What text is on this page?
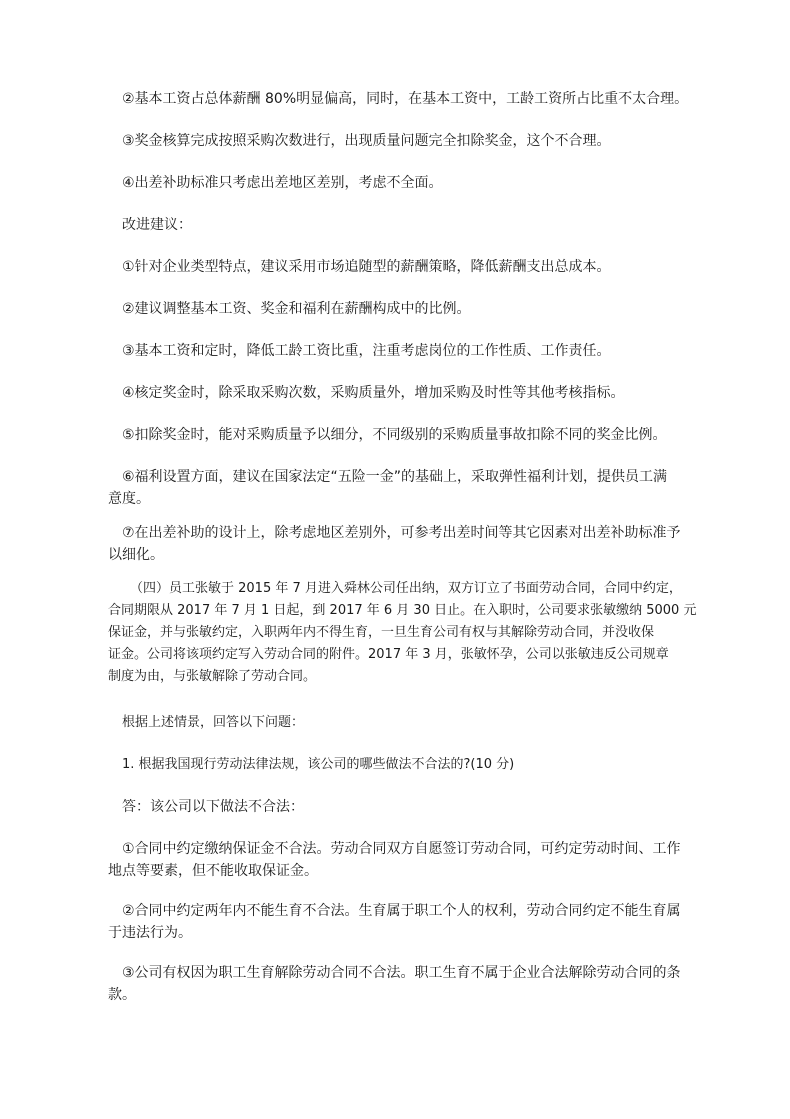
②基本工资占总体薪酬 80%明显偏高，同时，在基本工资中，工龄工资所占比重不太合理。
③奖金核算完成按照采购次数进行，出现质量问题完全扣除奖金，这个不合理。
④出差补助标准只考虑出差地区差别，考虑不全面。
改进建议：
①针对企业类型特点，建议采用市场追随型的薪酬策略，降低薪酬支出总成本。
②建议调整基本工资、奖金和福利在薪酬构成中的比例。
③基本工资和定时，降低工龄工资比重，注重考虑岗位的工作性质、工作责任。
④核定奖金时，除采取采购次数，采购质量外，增加采购及时性等其他考核指标。
⑤扣除奖金时，能对采购质量予以细分，不同级别的采购质量事故扣除不同的奖金比例。
⑥福利设置方面，建议在国家法定“五险一金”的基础上，采取弹性福利计划，提供员工满
意度。
⑦在出差补助的设计上，除考虑地区差别外，可参考出差时间等其它因素对出差补助标准予
以细化。
（四）员工张敏于 2015 年 7 月进入舜林公司任出纳，双方订立了书面劳动合同，合同中约定，
合同期限从 2017 年 7 月 1 日起，到 2017 年 6 月 30 日止。在入职时，公司要求张敏缴纳 5000 元
保证金，并与张敏约定，入职两年内不得生育，一旦生育公司有权与其解除劳动合同，并没收保
证金。公司将该项约定写入劳动合同的附件。2017 年 3 月，张敏怀孕，公司以张敏违反公司规章
制度为由，与张敏解除了劳动合同。
根据上述情景，回答以下问题：
1. 根据我国现行劳动法律法规，该公司的哪些做法不合法的?(10 分)
答：该公司以下做法不合法：
①合同中约定缴纳保证金不合法。劳动合同双方自愿签订劳动合同，可约定劳动时间、工作
地点等要素，但不能收取保证金。
②合同中约定两年内不能生育不合法。生育属于职工个人的权利，劳动合同约定不能生育属
于违法行为。
③公司有权因为职工生育解除劳动合同不合法。职工生育不属于企业合法解除劳动合同的条
款。
